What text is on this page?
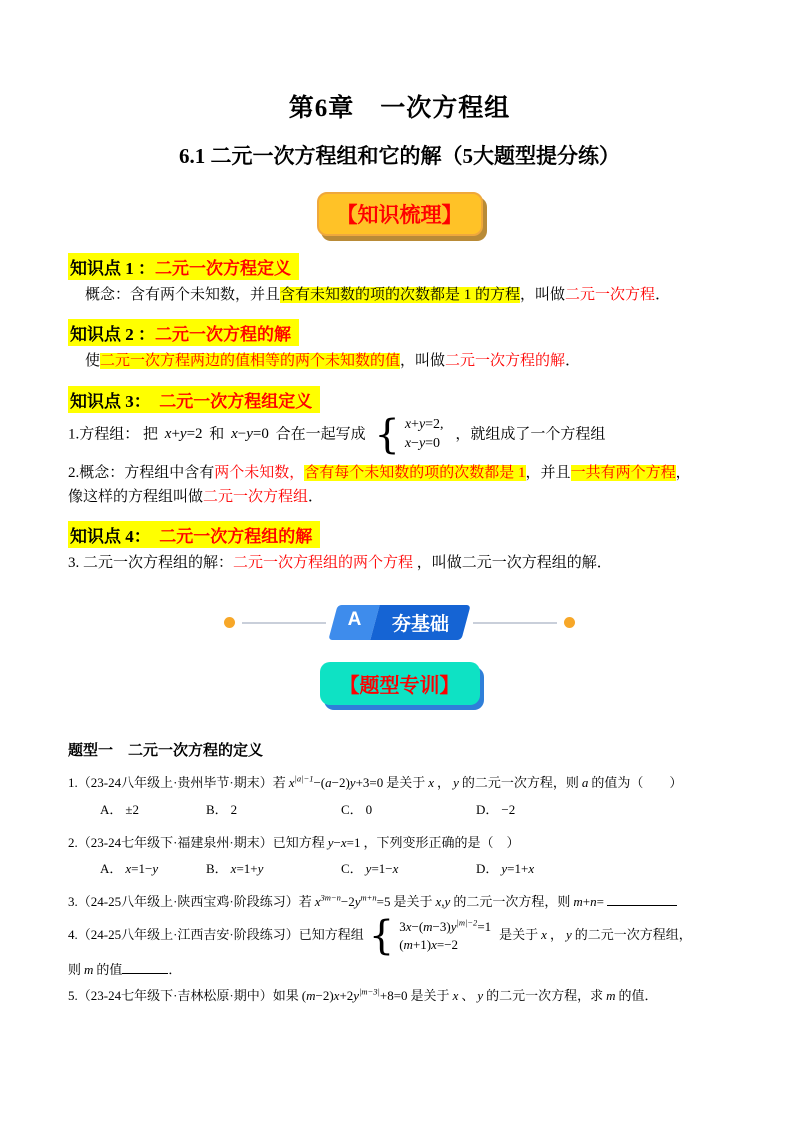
第6章　一次方程组
6.1 二元一次方程组和它的解（5大题型提分练）
【知识梳理】
知识点 1 ：二元一次方程定义

概念：含有两个未知数，并且含有未知数的项的次数都是 1 的方程，叫做二元一次方程．

知识点 2 ：二元一次方程的解

使二元一次方程两边的值相等的两个未知数的值，叫做二元一次方程的解．

知识点 3：　二元一次方程组定义

1.方程组： 把 x+y=2 和 x−y=0 合在一起写成 { x+y=2,
x−y=0
，就组成了一个方程组

2.概念：方程组中含有两个未知数，含有每个未知数的项的次数都是 1，并且一共有两个方程，
像这样的方程组叫做二元一次方程组．

知识点 4：　二元一次方程组的解

3. 二元一次方程组的解：二元一次方程组的两个方程 ，叫做二元一次方程组的解．

A	夯基础
【题型专训】
题型一　二元一次方程的定义

1.（23-24八年级上·贵州毕节·期末）若 $x^{|a|-1}-(a-2)y+3=0$ 是关于 x ， y 的二元一次方程，则 a 的值为（　　）

A． ±2	B． 2	C． 0	D． −2

2.（23-24七年级下·福建泉州·期末）已知方程 y−x=1 ，下列变形正确的是（　）

A． x=1−y	B． x=1+y	C． y=1−x	D． y=1+x

3.（24-25八年级上·陕西宝鸡·阶段练习）若 $x^{3m-n}-2y^{m+n}=5$ 是关于 x,y 的二元一次方程，则 m+n=

4.（24-25八年级上·江西吉安·阶段练习）已知方程组 { $3x-(m-3)y^{|m|-2}=1$
(m+1)x=−2
是关于 x ， y 的二元一次方程组，

则 m 的值	．

5.（23-24七年级下·吉林松原·期中）如果 $(m-2)x+2y^{|m-3|}+8=0$ 是关于 x 、 y 的二元一次方程，求 m 的值．
